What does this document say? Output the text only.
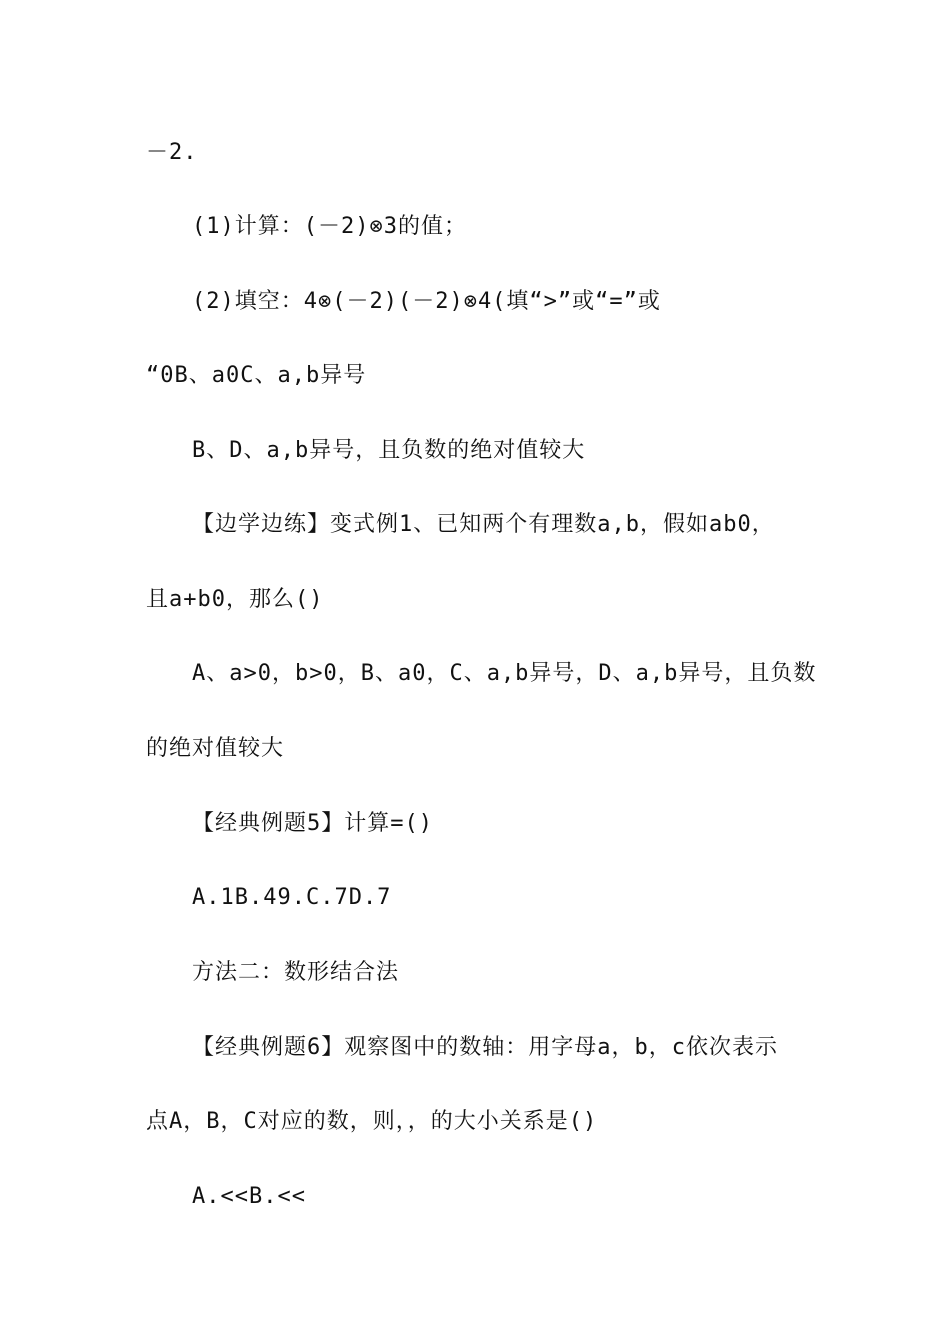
－2.
(1)计算：(－2)⊗3的值；
(2)填空：4⊗(－2)(－2)⊗4(填“>”或“=”或
“0B、a0C、a,b异号
B、D、a,b异号，且负数的绝对值较大
【边学边练】变式例1、已知两个有理数a,b，假如ab0，
且a+b0，那么()
A、a>0，b>0，B、a0，C、a,b异号，D、a,b异号，且负数
的绝对值较大
【经典例题5】计算=()
A.1B.49.C.7D.7
方法二：数形结合法
【经典例题6】观察图中的数轴：用字母a，b，c依次表示
点A，B，C对应的数，则，，的大小关系是()
A.<<B.<<
